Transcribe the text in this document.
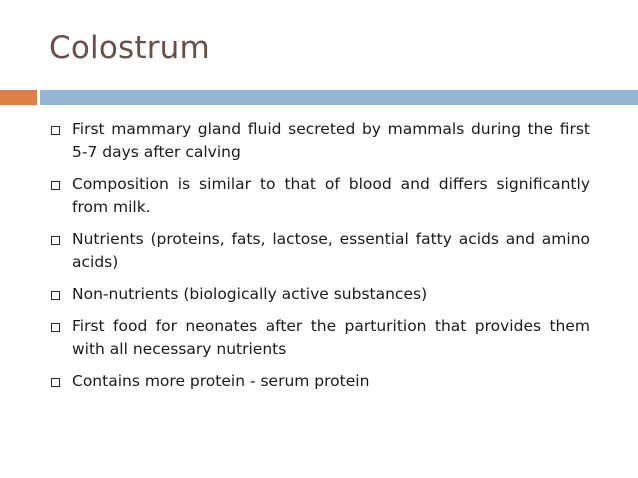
Colostrum
First mammary gland fluid secreted by mammals during the first 5-7 days after calving
Composition is similar to that of blood and differs significantly from milk.
Nutrients (proteins, fats, lactose, essential fatty acids and amino acids)
Non-nutrients (biologically active substances)
First food for neonates after the parturition that provides them with all necessary nutrients
Contains more protein - serum protein
